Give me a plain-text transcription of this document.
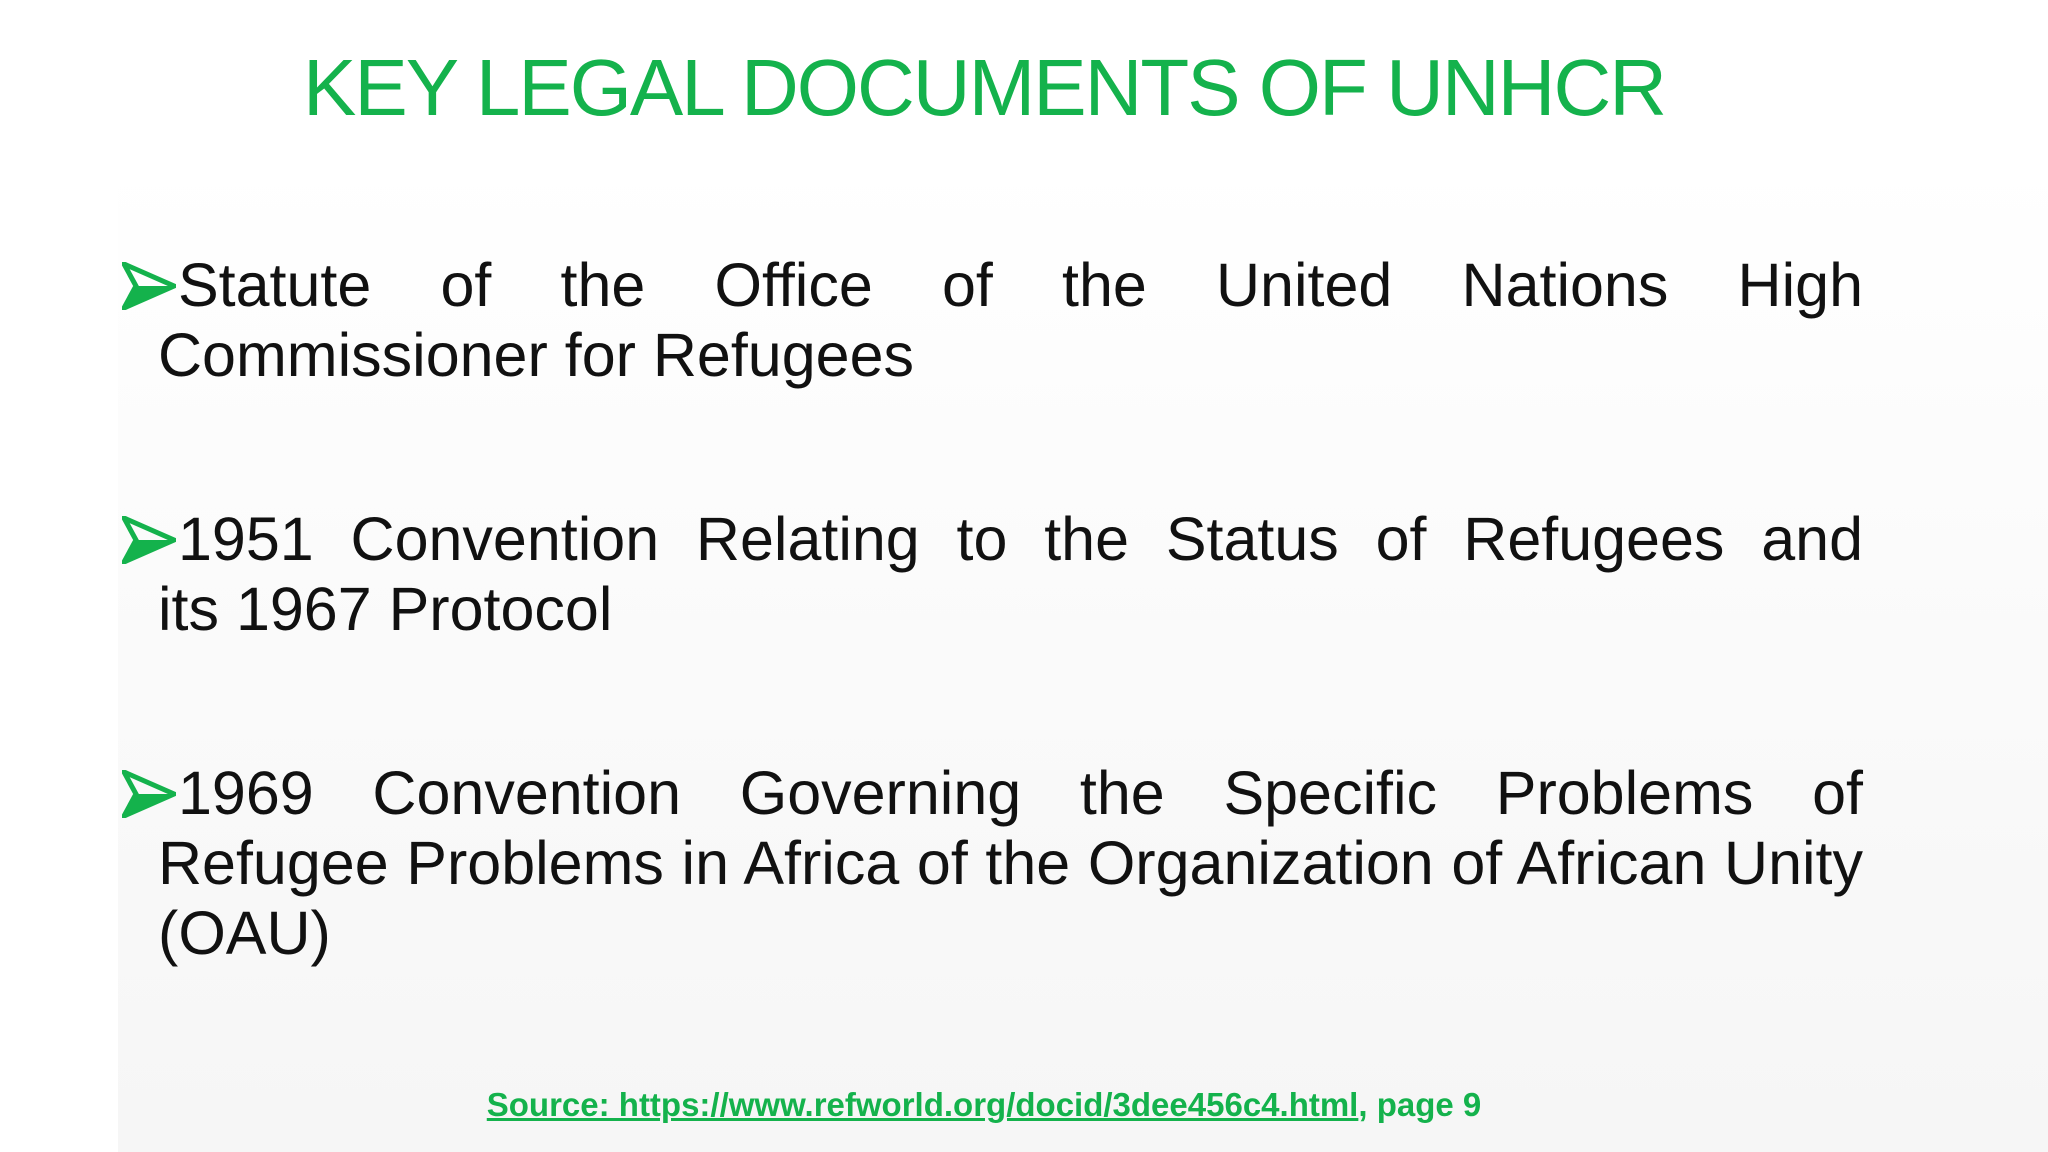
KEY LEGAL DOCUMENTS OF UNHCR
Statute of the Office of the United Nations High
Commissioner for Refugees
1951 Convention Relating to the Status of Refugees and
its 1967 Protocol
1969 Convention Governing the Specific Problems of
Refugee Problems in Africa of the Organization of African Unity (OAU)
Source: https://www.refworld.org/docid/3dee456c4.html, page 9
